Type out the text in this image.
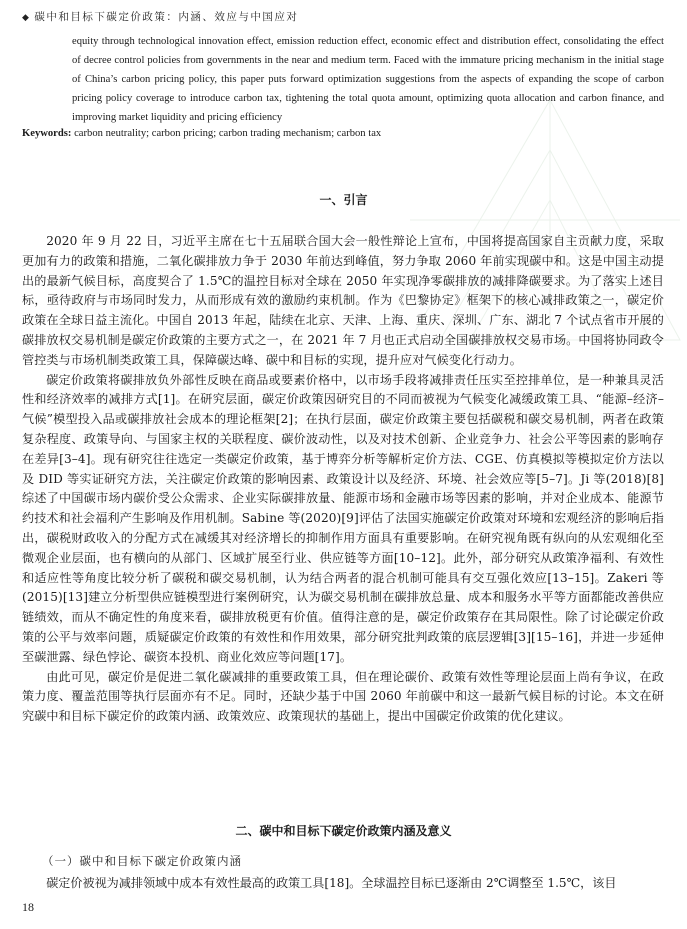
◆ 碳中和目标下碳定价政策：内涵、效应与中国应对

equity through technological innovation effect, emission reduction effect, economic effect and distribution effect, consolidating the effect of decree control policies from governments in the near and medium term. Faced with the immature pricing mechanism in the initial stage of China’s carbon pricing policy, this paper puts forward optimization suggestions from the aspects of expanding the scope of carbon pricing policy coverage to introduce carbon tax, tightening the total quota amount, optimizing quota allocation and carbon finance, and improving market liquidity and pricing efficiency

Keywords: carbon neutrality; carbon pricing; carbon trading mechanism; carbon tax
一、引言

2020 年 9 月 22 日，习近平主席在七十五届联合国大会一般性辩论上宣布，中国将提高国家自主贡献力度，采取更加有力的政策和措施，二氧化碳排放力争于 2030 年前达到峰值，努力争取 2060 年前实现碳中和。这是中国主动提出的最新气候目标，高度契合了 1.5℃的温控目标对全球在 2050 年实现净零碳排放的减排降碳要求。为了落实上述目标，亟待政府与市场同时发力，从而形成有效的激励约束机制。作为《巴黎协定》框架下的核心减排政策之一，碳定价政策在全球日益主流化。中国自 2013 年起，陆续在北京、天津、上海、重庆、深圳、广东、湖北 7 个试点省市开展的碳排放权交易机制是碳定价政策的主要方式之一，在 2021 年 7 月也正式启动全国碳排放权交易市场。中国将协同政令管控类与市场机制类政策工具，保障碳达峰、碳中和目标的实现，提升应对气候变化行动力。

碳定价政策将碳排放负外部性反映在商品或要素价格中，以市场手段将减排责任压实至控排单位，是一种兼具灵活性和经济效率的减排方式[1]。在研究层面，碳定价政策因研究目的不同而被视为气候变化减缓政策工具、“能源–经济–气候”模型投入品或碳排放社会成本的理论框架[2]；在执行层面，碳定价政策主要包括碳税和碳交易机制，两者在政策复杂程度、政策导向、与国家主权的关联程度、碳价波动性，以及对技术创新、企业竞争力、社会公平等因素的影响存在差异[3–4]。现有研究往往选定一类碳定价政策，基于博弈分析等解析定价方法、CGE、仿真模拟等模拟定价方法以及 DID 等实证研究方法，关注碳定价政策的影响因素、政策设计以及经济、环境、社会效应等[5–7]。Ji 等(2018)[8]综述了中国碳市场内碳价受公众需求、企业实际碳排放量、能源市场和金融市场等因素的影响，并对企业成本、能源节约技术和社会福利产生影响及作用机制。Sabine 等(2020)[9]评估了法国实施碳定价政策对环境和宏观经济的影响后指出，碳税财政收入的分配方式在减缓其对经济增长的抑制作用方面具有重要影响。在研究视角既有纵向的从宏观细化至微观企业层面，也有横向的从部门、区域扩展至行业、供应链等方面[10–12]。此外，部分研究从政策净福利、有效性和适应性等角度比较分析了碳税和碳交易机制，认为结合两者的混合机制可能具有交互强化效应[13–15]。Zakeri 等(2015)[13]建立分析型供应链模型进行案例研究，认为碳交易机制在碳排放总量、成本和服务水平等方面都能改善供应链绩效，而从不确定性的角度来看，碳排放税更有价值。值得注意的是，碳定价政策存在其局限性。除了讨论碳定价政策的公平与效率问题，质疑碳定价政策的有效性和作用效果，部分研究批判政策的底层逻辑[3][15–16]，并进一步延伸至碳泄露、绿色悖论、碳资本投机、商业化效应等问题[17]。

由此可见，碳定价是促进二氧化碳减排的重要政策工具，但在理论碳价、政策有效性等理论层面上尚有争议，在政策力度、覆盖范围等执行层面亦有不足。同时，还缺少基于中国 2060 年前碳中和这一最新气候目标的讨论。本文在研究碳中和目标下碳定价的政策内涵、政策效应、政策现状的基础上，提出中国碳定价政策的优化建议。

二、碳中和目标下碳定价政策内涵及意义
（一）碳中和目标下碳定价政策内涵

碳定价被视为减排领域中成本有效性最高的政策工具[18]。全球温控目标已逐渐由 2℃调整至 1.5℃，该目

18
